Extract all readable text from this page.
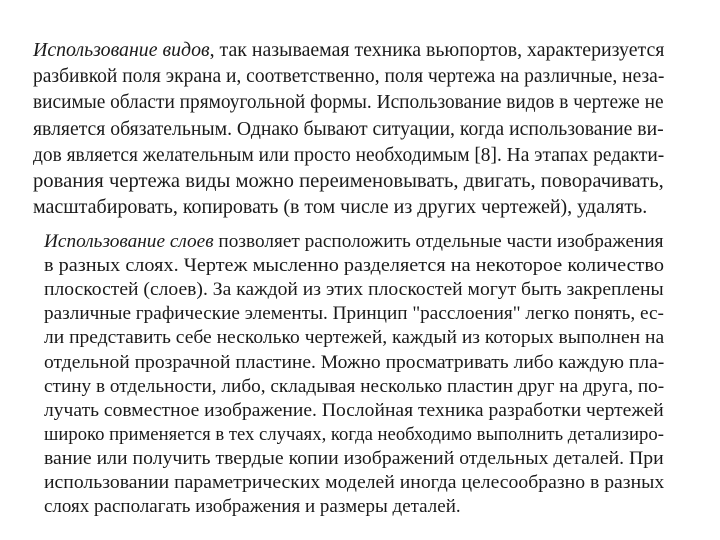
Использование видов, так называемая техника вьюпортов, характеризуется
разбивкой поля экрана и, соответственно, поля чертежа на различные, неза-
висимые области прямоугольной формы. Использование видов в чертеже не
является обязательным. Однако бывают ситуации, когда использование ви-
дов является желательным или просто необходимым [8]. На этапах редакти-
рования чертежа виды можно переименовывать, двигать, поворачивать,
масштабировать, копировать (в том числе из других чертежей), удалять.
Использование слоев позволяет расположить отдельные части изображения
в разных слоях. Чертеж мысленно разделяется на некоторое количество
плоскостей (слоев). За каждой из этих плоскостей могут быть закреплены
различные графические элементы. Принцип "расслоения" легко понять, ес-
ли представить себе несколько чертежей, каждый из которых выполнен на
отдельной прозрачной пластине. Можно просматривать либо каждую пла-
стину в отдельности, либо, складывая несколько пластин друг на друга, по-
лучать совместное изображение. Послойная техника разработки чертежей
широко применяется в тех случаях, когда необходимо выполнить детализиро-
вание или получить твердые копии изображений отдельных деталей. При
использовании параметрических моделей иногда целесообразно в разных
слоях располагать изображения и размеры деталей.
